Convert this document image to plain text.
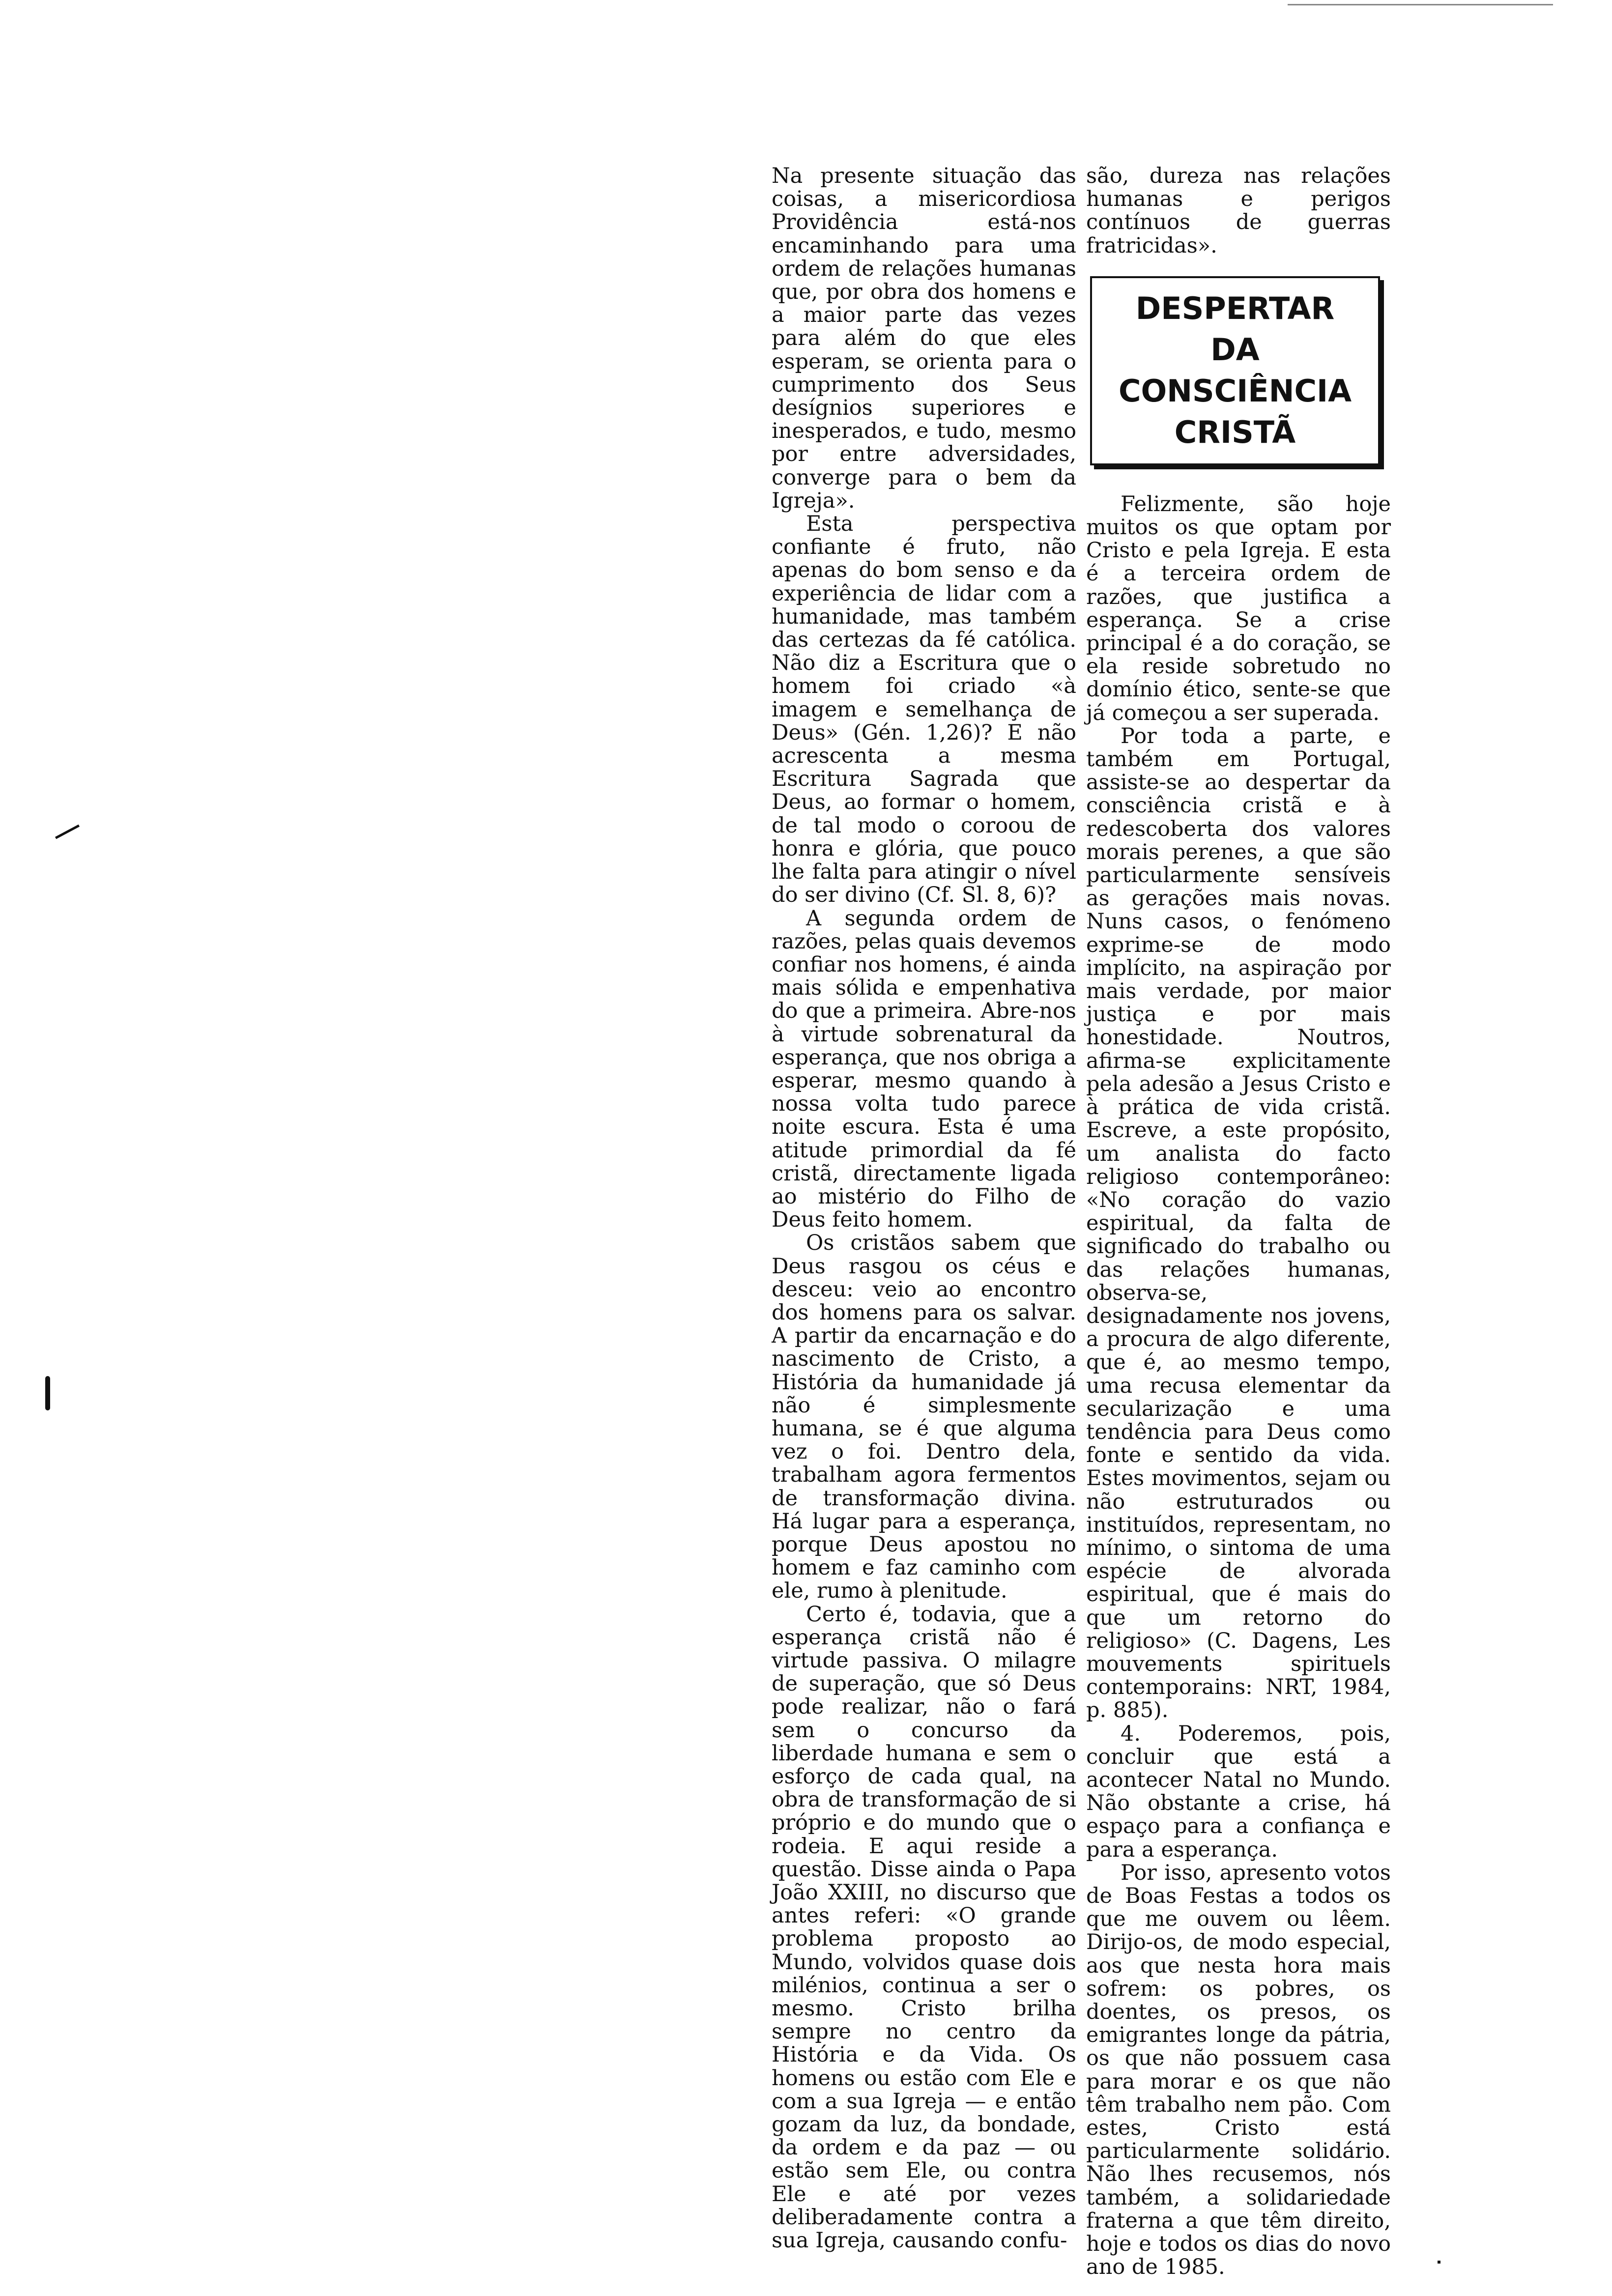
Na presente situação das coisas, a misericordiosa Providência está-nos encaminhando para uma ordem de relações humanas que, por obra dos homens e a maior parte das vezes para além do que eles esperam, se orienta para o cumprimento dos Seus desígnios superiores e inesperados, e tudo, mesmo por entre adversidades, converge para o bem da Igreja».

Esta perspectiva confiante é fruto, não apenas do bom senso e da experiência de lidar com a humanidade, mas também das certezas da fé católica. Não diz a Escritura que o homem foi criado «à imagem e semelhança de Deus» (Gén. 1,26)? E não acrescenta a mesma Escritura Sagrada que Deus, ao formar o homem, de tal modo o coroou de honra e glória, que pouco lhe falta para atingir o nível do ser divino (Cf. Sl. 8, 6)?

A segunda ordem de razões, pelas quais devemos confiar nos homens, é ainda mais sólida e empenhativa do que a primeira. Abre-nos à virtude sobrenatural da esperança, que nos obriga a esperar, mesmo quando à nossa volta tudo parece noite escura. Esta é uma atitude primordial da fé cristã, directamente ligada ao mistério do Filho de Deus feito homem.

Os cristãos sabem que Deus rasgou os céus e desceu: veio ao encontro dos homens para os salvar. A partir da encarnação e do nascimento de Cristo, a História da humanidade já não é simplesmente humana, se é que alguma vez o foi. Dentro dela, trabalham agora fermentos de transformação divina. Há lugar para a esperança, porque Deus apostou no homem e faz caminho com ele, rumo à plenitude.

Certo é, todavia, que a esperança cristã não é virtude passiva. O milagre de superação, que só Deus pode realizar, não o fará sem o concurso da liberdade humana e sem o esforço de cada qual, na obra de transformação de si próprio e do mundo que o rodeia. E aqui reside a questão. Disse ainda o Papa João XXIII, no discurso que antes referi: «O grande problema proposto ao Mundo, volvidos quase dois milénios, continua a ser o mesmo. Cristo brilha sempre no centro da História e da Vida. Os homens ou estão com Ele e com a sua Igreja — e então gozam da luz, da bondade, da ordem e da paz — ou estão sem Ele, ou contra Ele e até por vezes deliberadamente contra a sua Igreja, causando confu-

são, dureza nas relações humanas e perigos contínuos de guerras fratricidas».

DESPERTAR
DA
CONSCIÊNCIA
CRISTÃ

Felizmente, são hoje muitos os que optam por Cristo e pela Igreja. E esta é a terceira ordem de razões, que justifica a esperança. Se a crise principal é a do coração, se ela reside sobretudo no domínio ético, sente-se que já começou a ser superada.

Por toda a parte, e também em Portugal, assiste-se ao despertar da consciência cristã e à redescoberta dos valores morais perenes, a que são particularmente sensíveis as gerações mais novas. Nuns casos, o fenómeno exprime-se de modo implícito, na aspiração por mais verdade, por maior justiça e por mais honestidade. Noutros, afirma-se explicitamente pela adesão a Jesus Cristo e à prática de vida cristã. Escreve, a este propósito, um analista do facto religioso contemporâneo: «No coração do vazio espiritual, da falta de significado do trabalho ou das relações humanas, observa-se, designadamente nos jovens, a procura de algo diferente, que é, ao mesmo tempo, uma recusa elementar da secularização e uma tendência para Deus como fonte e sentido da vida. Estes movimentos, sejam ou não estruturados ou instituídos, representam, no mínimo, o sintoma de uma espécie de alvorada espiritual, que é mais do que um retorno do religioso» (C. Dagens, Les mouvements spirituels contemporains: NRT, 1984, p. 885).

4. Poderemos, pois, concluir que está a acontecer Natal no Mundo. Não obstante a crise, há espaço para a confiança e para a esperança.

Por isso, apresento votos de Boas Festas a todos os que me ouvem ou lêem. Dirijo-os, de modo especial, aos que nesta hora mais sofrem: os pobres, os doentes, os presos, os emigrantes longe da pátria, os que não possuem casa para morar e os que não têm trabalho nem pão. Com estes, Cristo está particularmente solidário. Não lhes recusemos, nós também, a solidariedade fraterna a que têm direito, hoje e todos os dias do novo ano de 1985.
